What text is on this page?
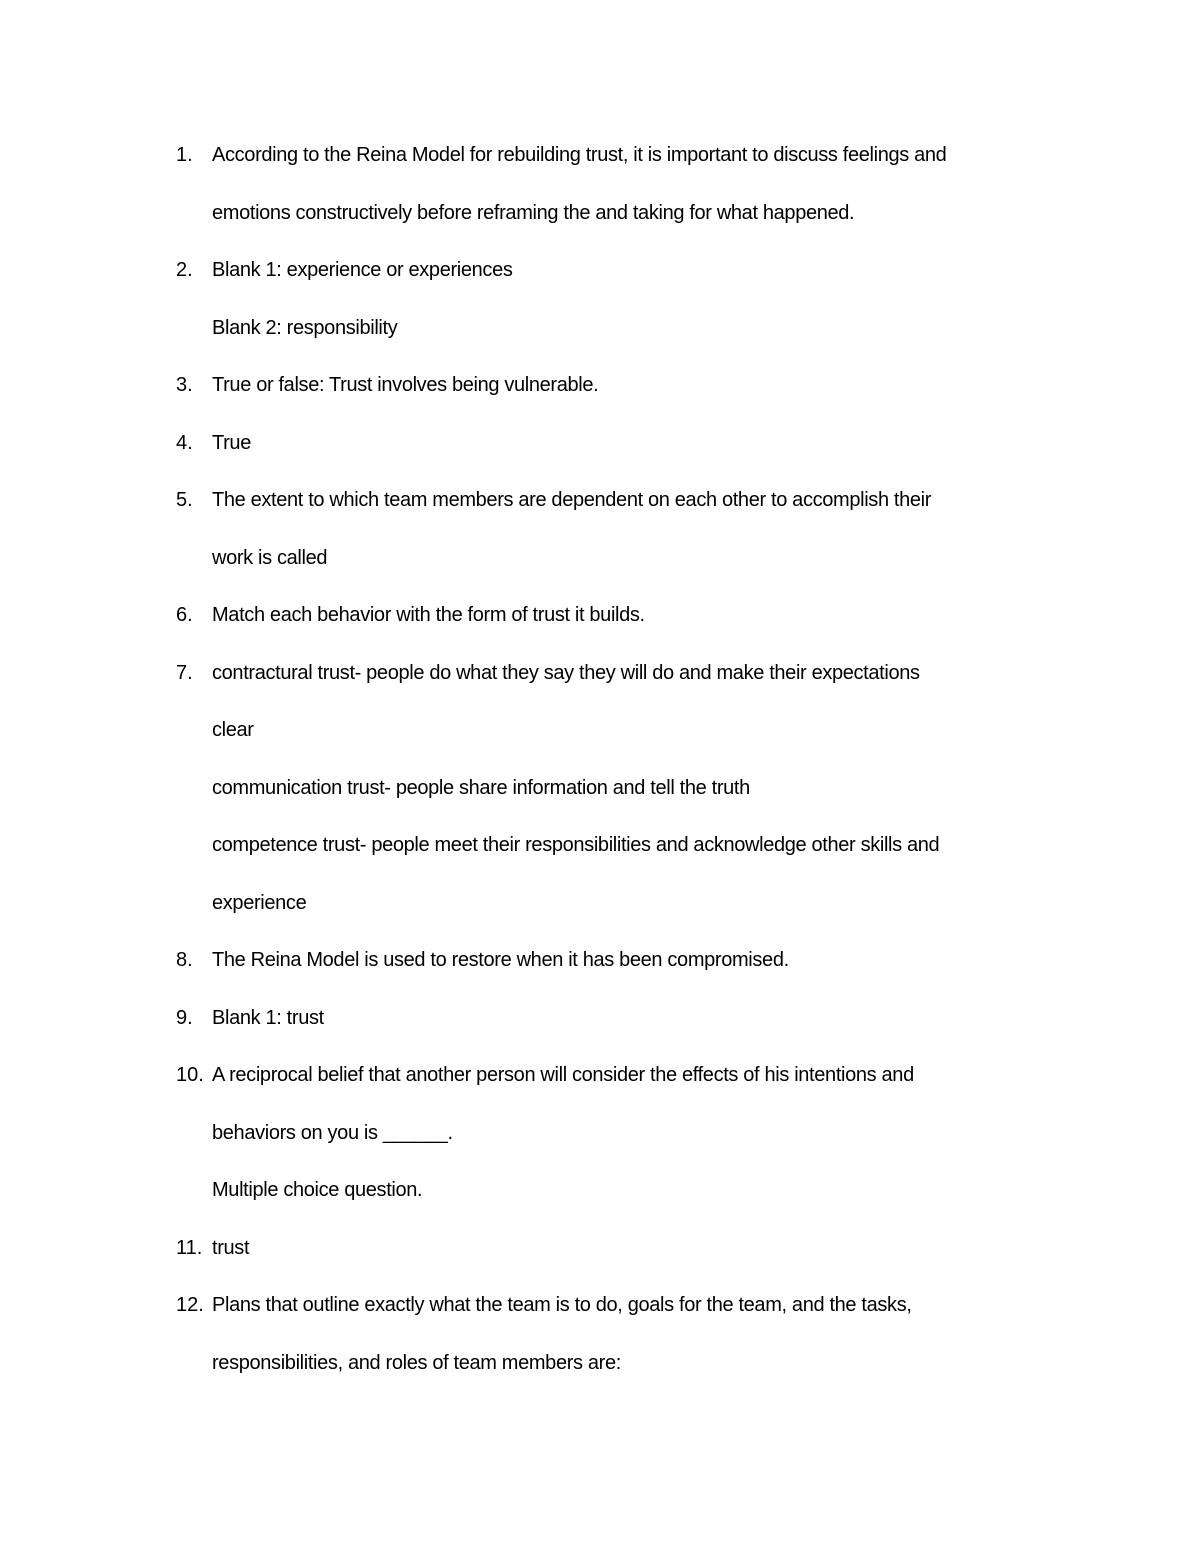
1. According to the Reina Model for rebuilding trust, it is important to discuss feelings and
emotions constructively before reframing the and taking for what happened.
2. Blank 1: experience or experiences
Blank 2: responsibility
3. True or false: Trust involves being vulnerable.
4. True
5. The extent to which team members are dependent on each other to accomplish their
work is called
6. Match each behavior with the form of trust it builds.
7. contractural trust- people do what they say they will do and make their expectations
clear
communication trust- people share information and tell the truth
competence trust- people meet their responsibilities and acknowledge other skills and
experience
8. The Reina Model is used to restore when it has been compromised.
9. Blank 1: trust
10. A reciprocal belief that another person will consider the effects of his intentions and
behaviors on you is ______.
Multiple choice question.
11. trust
12. Plans that outline exactly what the team is to do, goals for the team, and the tasks,
responsibilities, and roles of team members are:
